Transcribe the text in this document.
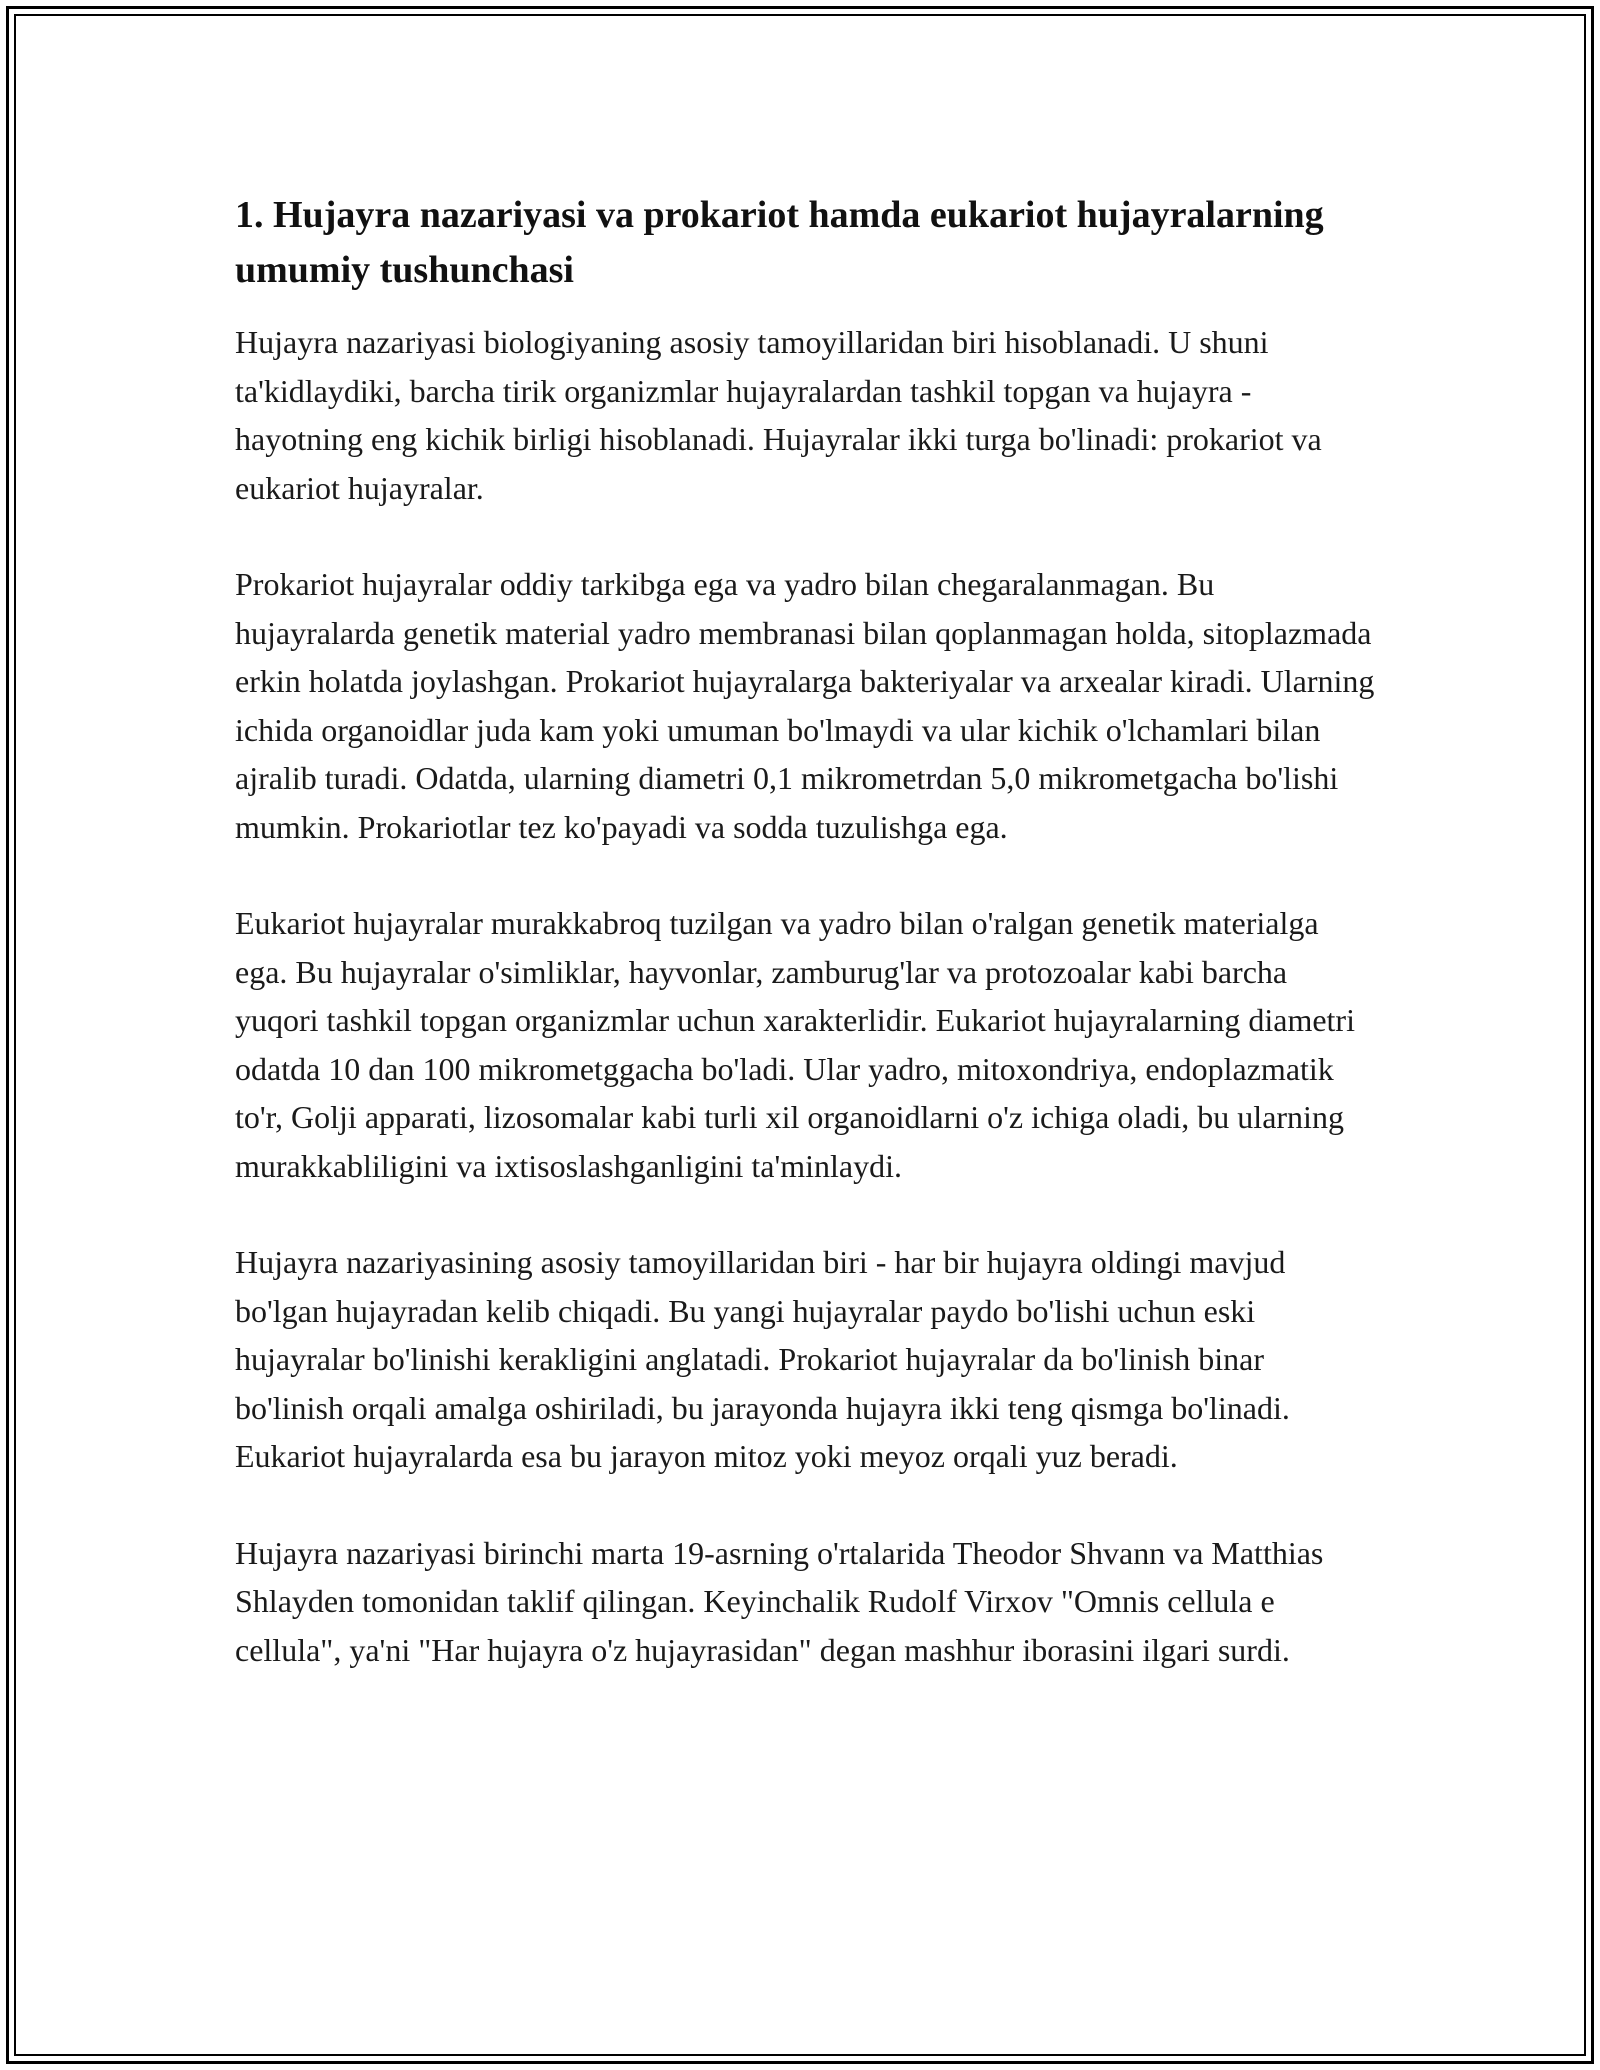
1. Hujayra nazariyasi va prokariot hamda eukariot hujayralarning umumiy tushunchasi

Hujayra nazariyasi biologiyaning asosiy tamoyillaridan biri hisoblanadi. U shuni ta'kidlaydiki, barcha tirik organizmlar hujayralardan tashkil topgan va hujayra - hayotning eng kichik birligi hisoblanadi. Hujayralar ikki turga bo'linadi: prokariot va eukariot hujayralar.

Prokariot hujayralar oddiy tarkibga ega va yadro bilan chegaralanmagan. Bu hujayralarda genetik material yadro membranasi bilan qoplanmagan holda, sitoplazmada erkin holatda joylashgan. Prokariot hujayralarga bakteriyalar va arxealar kiradi. Ularning ichida organoidlar juda kam yoki umuman bo'lmaydi va ular kichik o'lchamlari bilan ajralib turadi. Odatda, ularning diametri 0,1 mikrometrdan 5,0 mikrometgacha bo'lishi mumkin. Prokariotlar tez ko'payadi va sodda tuzulishga ega.

Eukariot hujayralar murakkabroq tuzilgan va yadro bilan o'ralgan genetik materialga ega. Bu hujayralar o'simliklar, hayvonlar, zamburug'lar va protozoalar kabi barcha yuqori tashkil topgan organizmlar uchun xarakterlidir. Eukariot hujayralarning diametri odatda 10 dan 100 mikrometggacha bo'ladi. Ular yadro, mitoxondriya, endoplazmatik to'r, Golji apparati, lizosomalar kabi turli xil organoidlarni o'z ichiga oladi, bu ularning murakkabliligini va ixtisoslashganligini ta'minlaydi.

Hujayra nazariyasining asosiy tamoyillaridan biri - har bir hujayra oldingi mavjud bo'lgan hujayradan kelib chiqadi. Bu yangi hujayralar paydo bo'lishi uchun eski hujayralar bo'linishi kerakligini anglatadi. Prokariot hujayralar da bo'linish binar bo'linish orqali amalga oshiriladi, bu jarayonda hujayra ikki teng qismga bo'linadi. Eukariot hujayralarda esa bu jarayon mitoz yoki meyoz orqali yuz beradi.

Hujayra nazariyasi birinchi marta 19-asrning o'rtalarida Theodor Shvann va Matthias Shlayden tomonidan taklif qilingan. Keyinchalik Rudolf Virxov "Omnis cellula e cellula", ya'ni "Har hujayra o'z hujayrasidan" degan mashhur iborasini ilgari surdi.
